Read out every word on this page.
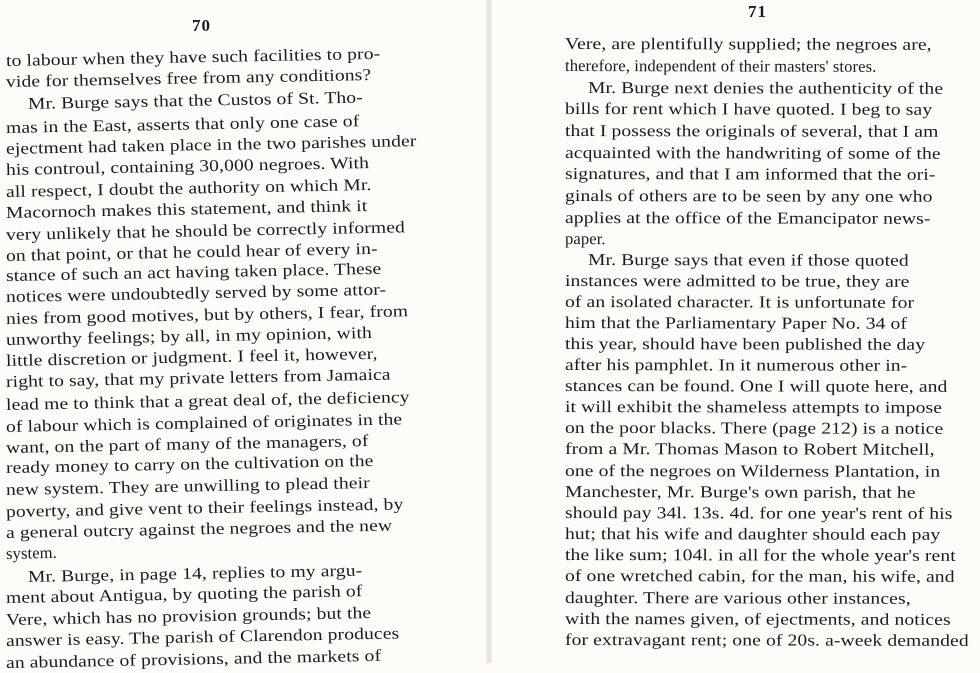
70
to labour when they have such facilities to pro-
vide for themselves free from any conditions?
Mr. Burge says that the Custos of St. Tho-
mas in the East, asserts that only one case of
ejectment had taken place in the two parishes under
his controul, containing 30,000 negroes. With
all respect, I doubt the authority on which Mr.
Macornoch makes this statement, and think it
very unlikely that he should be correctly informed
on that point, or that he could hear of every in-
stance of such an act having taken place. These
notices were undoubtedly served by some attor-
nies from good motives, but by others, I fear, from
unworthy feelings; by all, in my opinion, with
little discretion or judgment. I feel it, however,
right to say, that my private letters from Jamaica
lead me to think that a great deal of, the deficiency
of labour which is complained of originates in the
want, on the part of many of the managers, of
ready money to carry on the cultivation on the
new system. They are unwilling to plead their
poverty, and give vent to their feelings instead, by
a general outcry against the negroes and the new
system.
Mr. Burge, in page 14, replies to my argu-
ment about Antigua, by quoting the parish of
Vere, which has no provision grounds; but the
answer is easy. The parish of Clarendon produces
an abundance of provisions, and the markets of
71
Vere, are plentifully supplied; the negroes are,
therefore, independent of their masters' stores.
Mr. Burge next denies the authenticity of the
bills for rent which I have quoted. I beg to say
that I possess the originals of several, that I am
acquainted with the handwriting of some of the
signatures, and that I am informed that the ori-
ginals of others are to be seen by any one who
applies at the office of the Emancipator news-
paper.
Mr. Burge says that even if those quoted
instances were admitted to be true, they are
of an isolated character. It is unfortunate for
him that the Parliamentary Paper No. 34 of
this year, should have been published the day
after his pamphlet. In it numerous other in-
stances can be found. One I will quote here, and
it will exhibit the shameless attempts to impose
on the poor blacks. There (page 212) is a notice
from a Mr. Thomas Mason to Robert Mitchell,
one of the negroes on Wilderness Plantation, in
Manchester, Mr. Burge's own parish, that he
should pay 34l. 13s. 4d. for one year's rent of his
hut; that his wife and daughter should each pay
the like sum; 104l. in all for the whole year's rent
of one wretched cabin, for the man, his wife, and
daughter. There are various other instances,
with the names given, of ejectments, and notices
for extravagant rent; one of 20s. a-week demanded
